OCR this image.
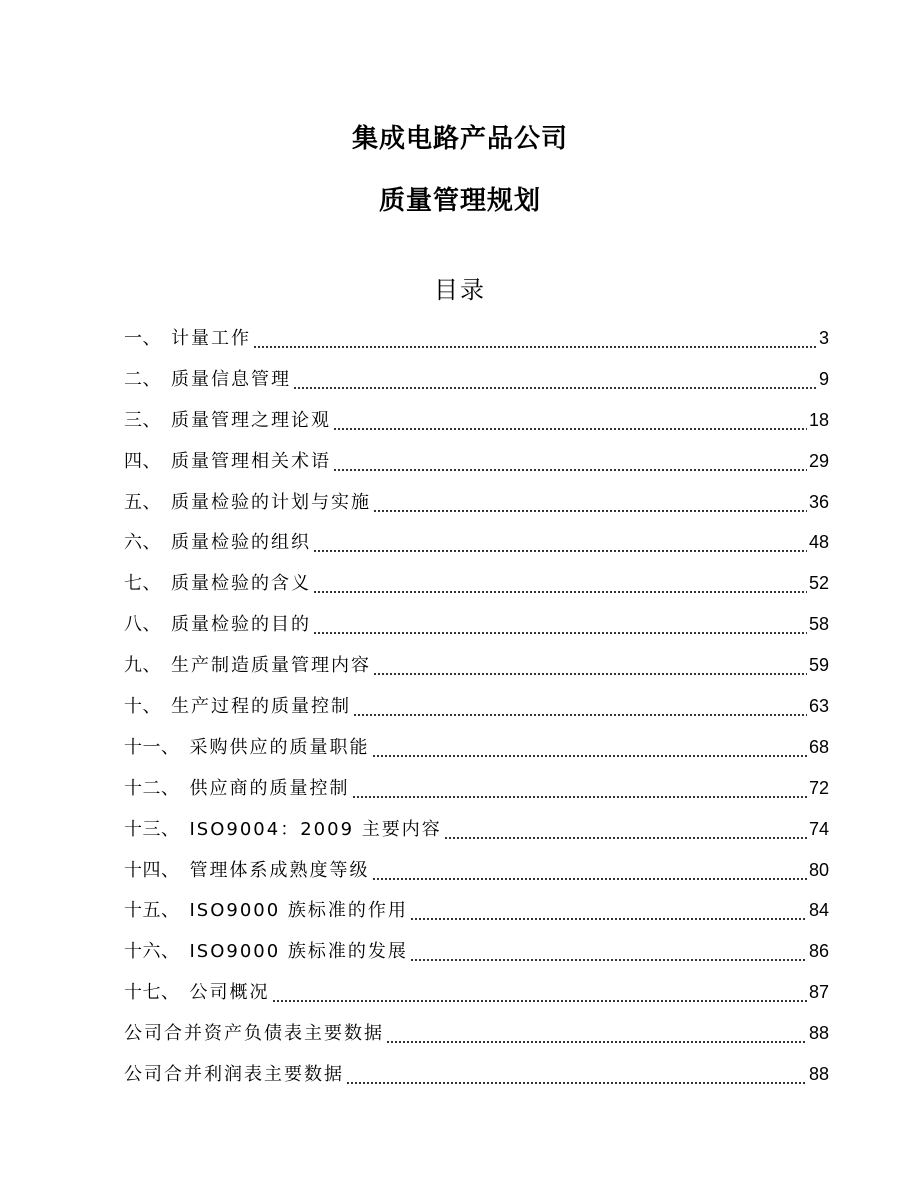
集成电路产品公司
质量管理规划
目录
一、 计量工作	3
二、 质量信息管理	9
三、 质量管理之理论观	18
四、 质量管理相关术语	29
五、 质量检验的计划与实施	36
六、 质量检验的组织	48
七、 质量检验的含义	52
八、 质量检验的目的	58
九、 生产制造质量管理内容	59
十、 生产过程的质量控制	63
十一、 采购供应的质量职能	68
十二、 供应商的质量控制	72
十三、 ISO9004：2009 主要内容	74
十四、 管理体系成熟度等级	80
十五、 ISO9000 族标准的作用	84
十六、 ISO9000 族标准的发展	86
十七、 公司概况	87
公司合并资产负债表主要数据	88
公司合并利润表主要数据	88
